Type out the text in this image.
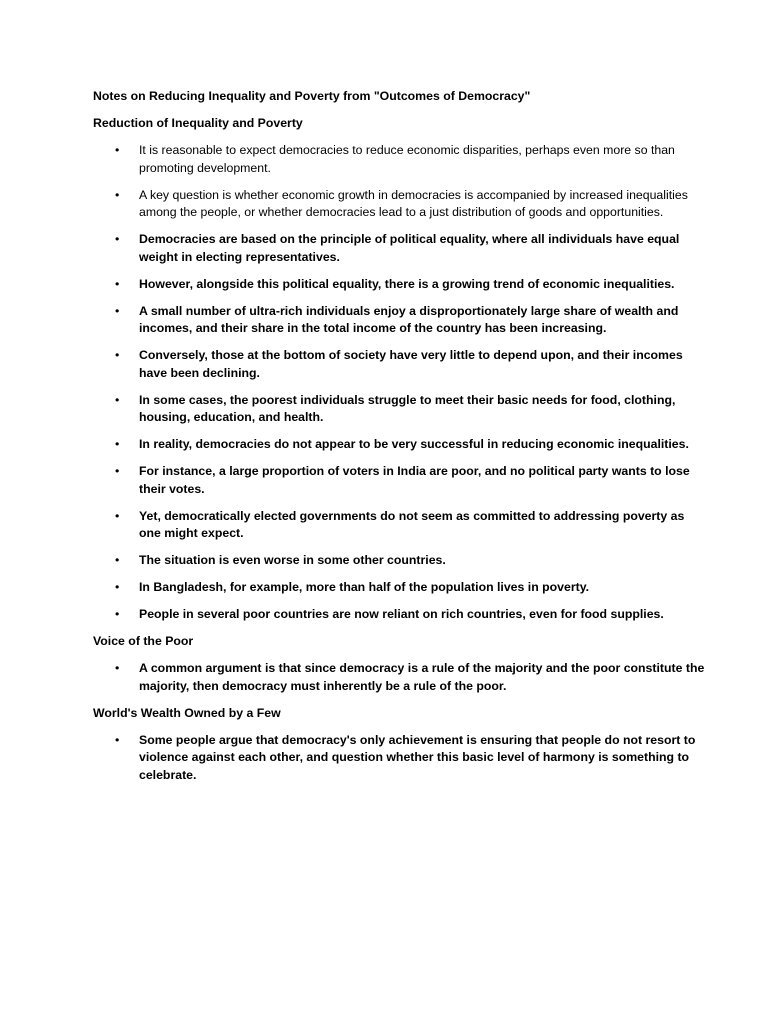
Notes on Reducing Inequality and Poverty from "Outcomes of Democracy"
Reduction of Inequality and Poverty
• It is reasonable to expect democracies to reduce economic disparities, perhaps even more so than promoting development.
• A key question is whether economic growth in democracies is accompanied by increased inequalities among the people, or whether democracies lead to a just distribution of goods and opportunities.
• Democracies are based on the principle of political equality, where all individuals have equal weight in electing representatives.
• However, alongside this political equality, there is a growing trend of economic inequalities.
• A small number of ultra-rich individuals enjoy a disproportionately large share of wealth and incomes, and their share in the total income of the country has been increasing.
• Conversely, those at the bottom of society have very little to depend upon, and their incomes have been declining.
• In some cases, the poorest individuals struggle to meet their basic needs for food, clothing, housing, education, and health.
• In reality, democracies do not appear to be very successful in reducing economic inequalities.
• For instance, a large proportion of voters in India are poor, and no political party wants to lose their votes.
• Yet, democratically elected governments do not seem as committed to addressing poverty as one might expect.
• The situation is even worse in some other countries.
• In Bangladesh, for example, more than half of the population lives in poverty.
• People in several poor countries are now reliant on rich countries, even for food supplies.
Voice of the Poor
• A common argument is that since democracy is a rule of the majority and the poor constitute the majority, then democracy must inherently be a rule of the poor.
World's Wealth Owned by a Few
• Some people argue that democracy's only achievement is ensuring that people do not resort to violence against each other, and question whether this basic level of harmony is something to celebrate.
